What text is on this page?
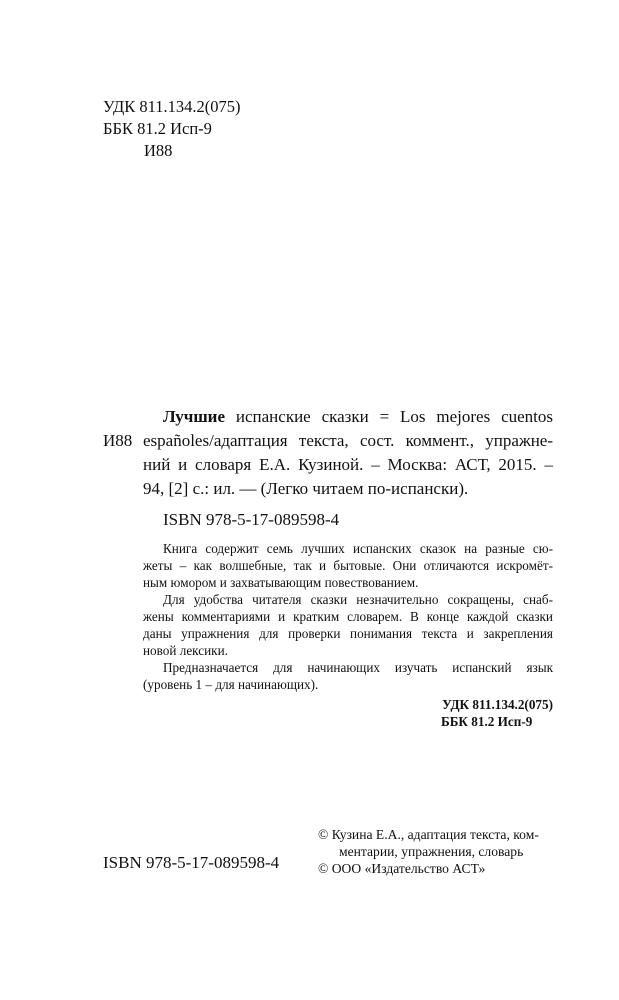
УДК 811.134.2(075)
ББК 81.2 Исп-9
И88
И88
Лучшие испанские сказки = Los mejores cuentos
españoles/адаптация текста, сост. коммент., упражне-
ний и словаря Е.А. Кузиной. – Москва: АСТ, 2015. –
94, [2] с.: ил. — (Легко читаем по-испански).
ISBN 978-5-17-089598-4
Книга содержит семь лучших испанских сказок на разные сю-
жеты – как волшебные, так и бытовые. Они отличаются искромёт-
ным юмором и захватывающим повествованием.
Для удобства читателя сказки незначительно сокращены, снаб-
жены комментариями и кратким словарем. В конце каждой сказки
даны упражнения для проверки понимания текста и закрепления
новой лексики.
Предназначается для начинающих изучать испанский язык
(уровень 1 – для начинающих).
УДК 811.134.2(075)
ББК 81.2 Исп-9
ISBN 978-5-17-089598-4
© Кузина Е.А., адаптация текста, ком-
ментарии, упражнения, словарь
© ООО «Издательство АСТ»
